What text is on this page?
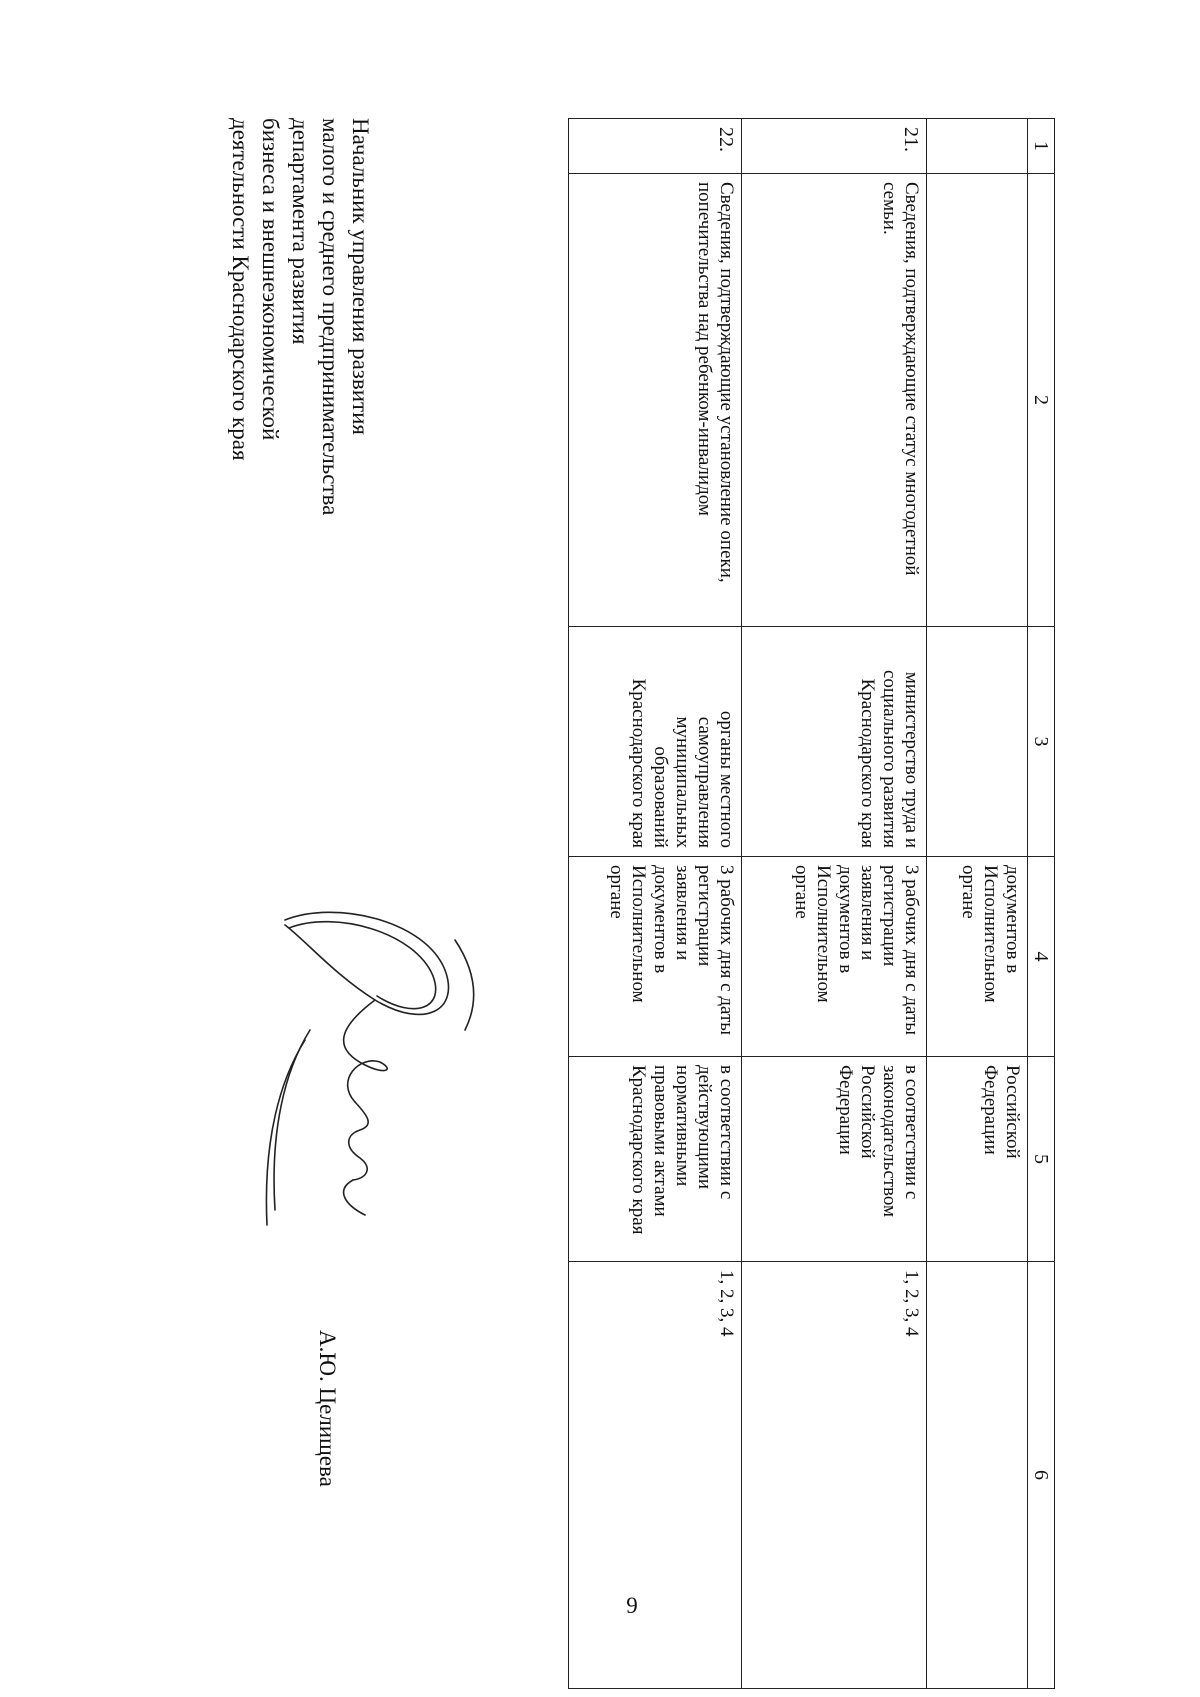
1	2	3	4	5	6
			документов в Исполнительном органе	Российской Федерации	
21.	Сведения, подтверждающие статус многодетной семьи.	министерство труда и социального развития Краснодарского края	3 рабочих дня с даты регистрации заявления и документов в Исполнительном органе	в соответствии с законодательством Российской Федерации	1, 2, 3, 4
22.	Сведения, подтверждающие установление опеки, попечительства над ребенком-инвалидом	органы местного самоуправления муниципальных образований Краснодарского края	3 рабочих дня с даты регистрации заявления и документов в Исполнительном органе	в соответствии с действующими нормативными правовыми актами Краснодарского края	1, 2, 3, 4
Начальник управления развития
малого и среднего предпринимательства
департамента развития
бизнеса и внешнеэкономической
деятельности Краснодарского края
А.Ю. Целищева
9
